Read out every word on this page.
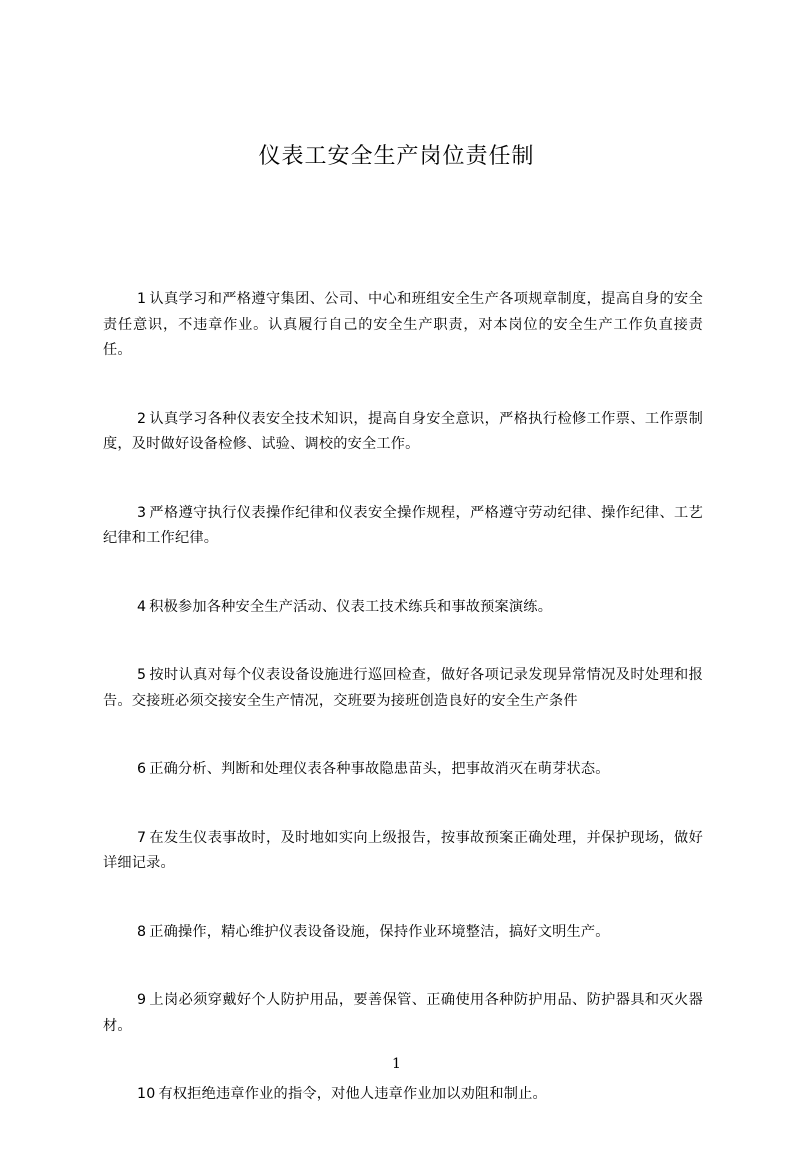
仪表工安全生产岗位责任制

1 认真学习和严格遵守集团、公司、中心和班组安全生产各项规章制度，提高自身的安全责任意识，不违章作业。认真履行自己的安全生产职责，对本岗位的安全生产工作负直接责任。

2 认真学习各种仪表安全技术知识，提高自身安全意识，严格执行检修工作票、工作票制度，及时做好设备检修、试验、调校的安全工作。

3 严格遵守执行仪表操作纪律和仪表安全操作规程，严格遵守劳动纪律、操作纪律、工艺纪律和工作纪律。

4 积极参加各种安全生产活动、仪表工技术练兵和事故预案演练。

5 按时认真对每个仪表设备设施进行巡回检查，做好各项记录发现异常情况及时处理和报告。交接班必须交接安全生产情况，交班要为接班创造良好的安全生产条件

6 正确分析、判断和处理仪表各种事故隐患苗头，把事故消灭在萌芽状态。

7 在发生仪表事故时，及时地如实向上级报告，按事故预案正确处理，并保护现场，做好详细记录。

8 正确操作，精心维护仪表设备设施，保持作业环境整洁，搞好文明生产。

9 上岗必须穿戴好个人防护用品，要善保管、正确使用各种防护用品、防护器具和灭火器材。

10 有权拒绝违章作业的指令，对他人违章作业加以劝阻和制止。

1
